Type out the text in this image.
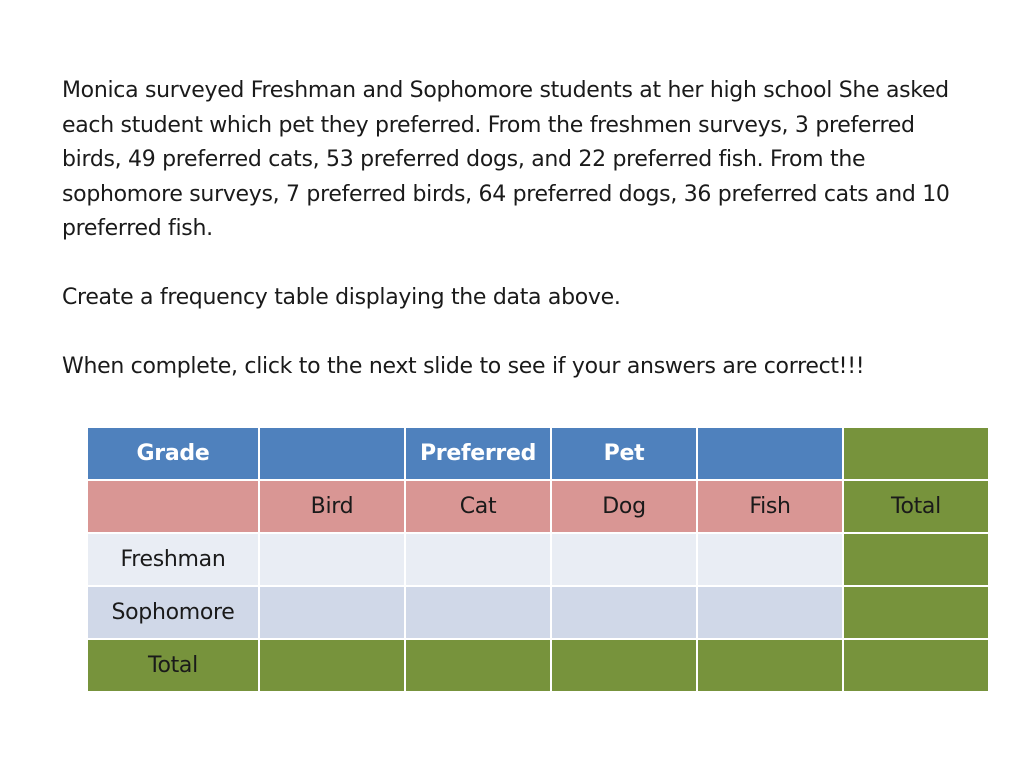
Monica surveyed Freshman and Sophomore students at her high school She asked each student which pet they preferred. From the freshmen surveys, 3 preferred birds, 49 preferred cats, 53 preferred dogs, and 22 preferred fish. From the sophomore surveys, 7 preferred birds, 64 preferred dogs, 36 preferred cats and 10 preferred fish.

Create a frequency table displaying the data above.

When complete, click to the next slide to see if your answers are correct!!!

Grade		Preferred	Pet		
	Bird	Cat	Dog	Fish	Total
Freshman					
Sophomore					
Total					
